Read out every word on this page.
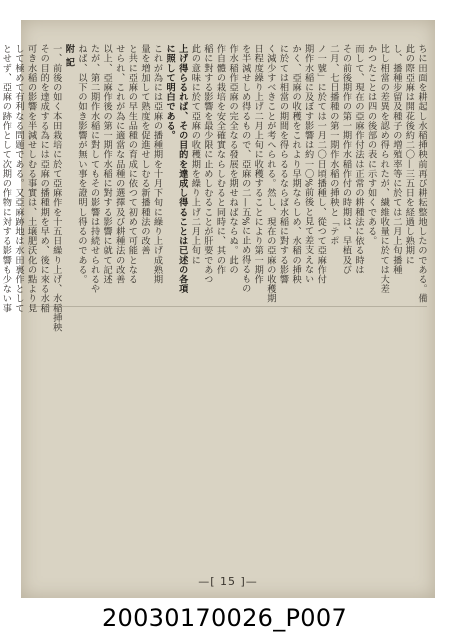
ちに田面を耕起し水稲挿秧前再び耕耘整地したのである。備
此の際亞麻は開花後約二〇—三五日を経過し熟期に
し、播種步留及種子の増殖率等に於ては二月上旬播種
比し相當の差異を認め得られたが、繊維收量に於ては大差
かつたことは四の後部の表に示す如くである。
而して、現在の亞麻作付法は正常の耕種法に依る時は
その前後期作の第一期作水稲作付の時期は、早植及び
二月、七日播種の第一期作水稲の挿秧と「テポ
ノ一號」に於ては一月二〇日頃播種し、從つて亞麻作付
期作水稲に及ぼす影響は約一〇%前後と見て差支えない
かく、亞麻の收穫をこれより早期ならしめ、水稲の挿秧
に於ては相當の期間を得らるるならば水稲に對する影響
く減少すべきことが考へられる。然し、現在の亞麻の收穫期
日程度繰り上げ二月上旬に收穫することにより第一期作
を半減せしめ得るもので、亞麻の二—五%に止め得るもの
作水稲作亞麻の完全なる發展を期せねばならぬ。此の
作自體の栽培を安全確實ならしむると同時に、其の作
稲に對する影響を最少限に止めしむることが肝要であつ
此の意味に於て亞麻の收穫期を繰り上げ二月上旬に
上げ得らるれば、その目的を達成し得ることは已述の各項
に照して明白である。
これが為には亞麻の播種期を十月下旬に繰り上げ成熟期
量を増加して熟度を促進せしむる新播種法の改善
と共に亞麻の早生品種の育成に依つて初めて可能となる
せられ、これが為に適當な品種の選擇及び耕種法の改善
以上、亞麻作後の第一期作水稲に對する影響に就て記述
たが、第二期作水稲に對してもその影響は持続せられるや
ねば、以下の如き影響が無い事を證明し得るのである。
附 記
一、前後の如く本田栽培に於て亞麻作を十五日繰り上げ、水稲挿秧
その目的を達成する為には亞麻の播種期を早め、後に來る水稲
可き水稲の影響を半減せしむる事實は、土壌肥沃化の點より見
して極めて有利なる問題である。又亞麻跡地は水田裏作として
とせず、亞麻の跡作として次期の作物に対する影響も少ない事
—[ 15 ]—
20030170026_P007
